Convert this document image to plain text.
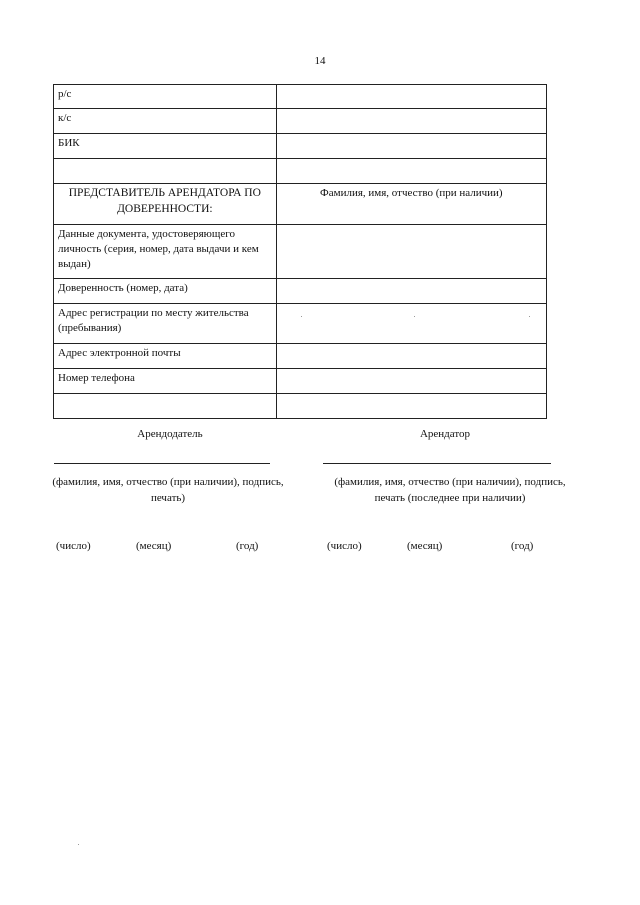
14
р/с	
к/с	
БИК	

ПРЕДСТАВИТЕЛЬ АРЕНДАТОРА ПО ДОВЕРЕННОСТИ:	Фамилия, имя, отчество (при наличии)
Данные документа, удостоверяющего личность (серия, номер, дата выдачи и кем выдан)	
Доверенность (номер, дата)	
Адрес регистрации по месту жительства (пребывания)	
Адрес электронной почты	
Номер телефона	

Арендодатель
(фамилия, имя, отчество (при наличии), подпись, печать)
Арендатор
(фамилия, имя, отчество (при наличии), подпись, печать (последнее при наличии)
(число)	(месяц)	(год)	(число)	(месяц)	(год)
